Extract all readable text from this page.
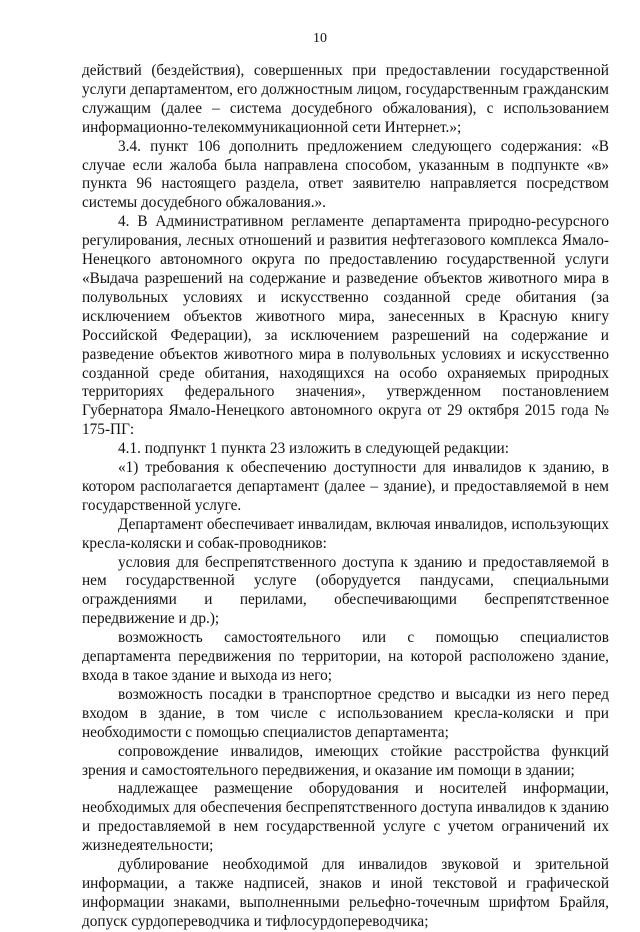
10

действий (бездействия), совершенных при предоставлении государственной услуги департаментом, его должностным лицом, государственным гражданским служащим (далее – система досудебного обжалования), с использованием информационно-телекоммуникационной сети Интернет.»;

3.4. пункт 106 дополнить предложением следующего содержания: «В случае если жалоба была направлена способом, указанным в подпункте «в» пункта 96 настоящего раздела, ответ заявителю направляется посредством системы досудебного обжалования.».

4. В Административном регламенте департамента природно-ресурсного регулирования, лесных отношений и развития нефтегазового комплекса Ямало-Ненецкого автономного округа по предоставлению государственной услуги «Выдача разрешений на содержание и разведение объектов животного мира в полувольных условиях и искусственно созданной среде обитания (за исключением объектов животного мира, занесенных в Красную книгу Российской Федерации), за исключением разрешений на содержание и разведение объектов животного мира в полувольных условиях и искусственно созданной среде обитания, находящихся на особо охраняемых природных территориях федерального значения», утвержденном постановлением Губернатора Ямало-Ненецкого автономного округа от 29 октября 2015 года № 175-ПГ:

4.1. подпункт 1 пункта 23 изложить в следующей редакции:

«1) требования к обеспечению доступности для инвалидов к зданию, в котором располагается департамент (далее – здание), и предоставляемой в нем государственной услуге.

Департамент обеспечивает инвалидам, включая инвалидов, использующих кресла-коляски и собак-проводников:

условия для беспрепятственного доступа к зданию и предоставляемой в нем государственной услуге (оборудуется пандусами, специальными ограждениями и перилами, обеспечивающими беспрепятственное передвижение и др.);

возможность самостоятельного или с помощью специалистов департамента передвижения по территории, на которой расположено здание, входа в такое здание и выхода из него;

возможность посадки в транспортное средство и высадки из него перед входом в здание, в том числе с использованием кресла-коляски и при необходимости с помощью специалистов департамента;

сопровождение инвалидов, имеющих стойкие расстройства функций зрения и самостоятельного передвижения, и оказание им помощи в здании;

надлежащее размещение оборудования и носителей информации, необходимых для обеспечения беспрепятственного доступа инвалидов к зданию и предоставляемой в нем государственной услуге с учетом ограничений их жизнедеятельности;

дублирование необходимой для инвалидов звуковой и зрительной информации, а также надписей, знаков и иной текстовой и графической информации знаками, выполненными рельефно-точечным шрифтом Брайля, допуск сурдопереводчика и тифлосурдопереводчика;
